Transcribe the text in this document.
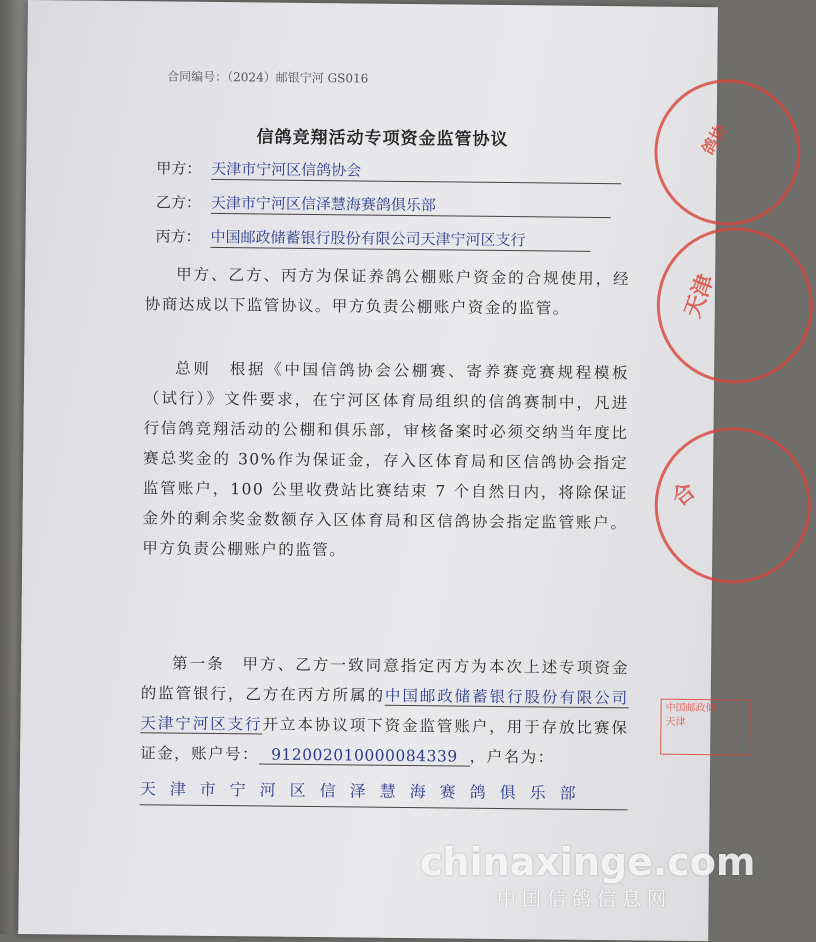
合同编号：（2024）邮银宁河 GS016
信鸽竞翔活动专项资金监管协议
甲方： 天津市宁河区信鸽协会
乙方： 天津市宁河区信泽慧海赛鸽俱乐部
丙方： 中国邮政储蓄银行股份有限公司天津宁河区支行
甲方、乙方、丙方为保证养鸽公棚账户资金的合规使用，经协商达成以下监管协议。甲方负责公棚账户资金的监管。
总则　根据《中国信鸽协会公棚赛、寄养赛竞赛规程模板（试行）》文件要求，在宁河区体育局组织的信鸽赛制中，凡进行信鸽竞翔活动的公棚和俱乐部，审核备案时必须交纳当年度比赛总奖金的 30%作为保证金，存入区体育局和区信鸽协会指定监管账户，100 公里收费站比赛结束 7 个自然日内，将除保证金外的剩余奖金数额存入区体育局和区信鸽协会指定监管账户。甲方负责公棚账户的监管。
第一条　甲方、乙方一致同意指定丙方为本次上述专项资金的监管银行，乙方在丙方所属的中国邮政储蓄银行股份有限公司天津宁河区支行开立本协议项下资金监管账户，用于存放比赛保证金，账户号： 912002010000084339 ，户名为：
天津市宁河区信泽慧海赛鸽俱乐部
鸽协
天津
合
中国邮政储
天津
chinaxinge.com
中国信鸽信息网
